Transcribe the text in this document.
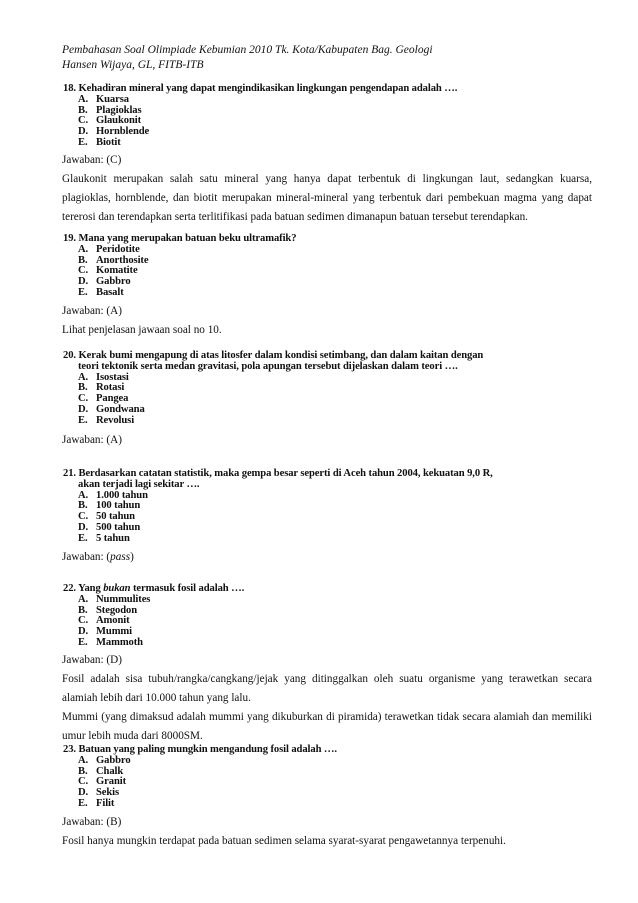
Pembahasan Soal Olimpiade Kebumian 2010 Tk. Kota/Kabupaten Bag. Geologi
Hansen Wijaya, GL, FITB-ITB
18. Kehadiran mineral yang dapat mengindikasikan lingkungan pengendapan adalah ….
A. Kuarsa
B. Plagioklas
C. Glaukonit
D. Hornblende
E. Biotit

Jawaban: (C)

Glaukonit merupakan salah satu mineral yang hanya dapat terbentuk di lingkungan laut, sedangkan kuarsa, plagioklas, hornblende, dan biotit merupakan mineral-mineral yang terbentuk dari pembekuan magma yang dapat tererosi dan terendapkan serta terlitifikasi pada batuan sedimen dimanapun batuan tersebut terendapkan.

19. Mana yang merupakan batuan beku ultramafik?
A. Peridotite
B. Anorthosite
C. Komatite
D. Gabbro
E. Basalt

Jawaban: (A)

Lihat penjelasan jawaan soal no 10.

20. Kerak bumi mengapung di atas litosfer dalam kondisi setimbang, dan dalam kaitan dengan
teori tektonik serta medan gravitasi, pola apungan tersebut dijelaskan dalam teori ….
A. Isostasi
B. Rotasi
C. Pangea
D. Gondwana
E. Revolusi

Jawaban: (A)

21. Berdasarkan catatan statistik, maka gempa besar seperti di Aceh tahun 2004, kekuatan 9,0 R,
akan terjadi lagi sekitar ….
A. 1.000 tahun
B. 100 tahun
C. 50 tahun
D. 500 tahun
E. 5 tahun

Jawaban: (pass)

22. Yang bukan termasuk fosil adalah ….
A. Nummulites
B. Stegodon
C. Amonit
D. Mummi
E. Mammoth

Jawaban: (D)

Fosil adalah sisa tubuh/rangka/cangkang/jejak yang ditinggalkan oleh suatu organisme yang terawetkan secara alamiah lebih dari 10.000 tahun yang lalu.

Mummi (yang dimaksud adalah mummi yang dikuburkan di piramida) terawetkan tidak secara alamiah dan memiliki umur lebih muda dari 8000SM.

23. Batuan yang paling mungkin mengandung fosil adalah ….
A. Gabbro
B. Chalk
C. Granit
D. Sekis
E. Filit

Jawaban: (B)

Fosil hanya mungkin terdapat pada batuan sedimen selama syarat-syarat pengawetannya terpenuhi.
